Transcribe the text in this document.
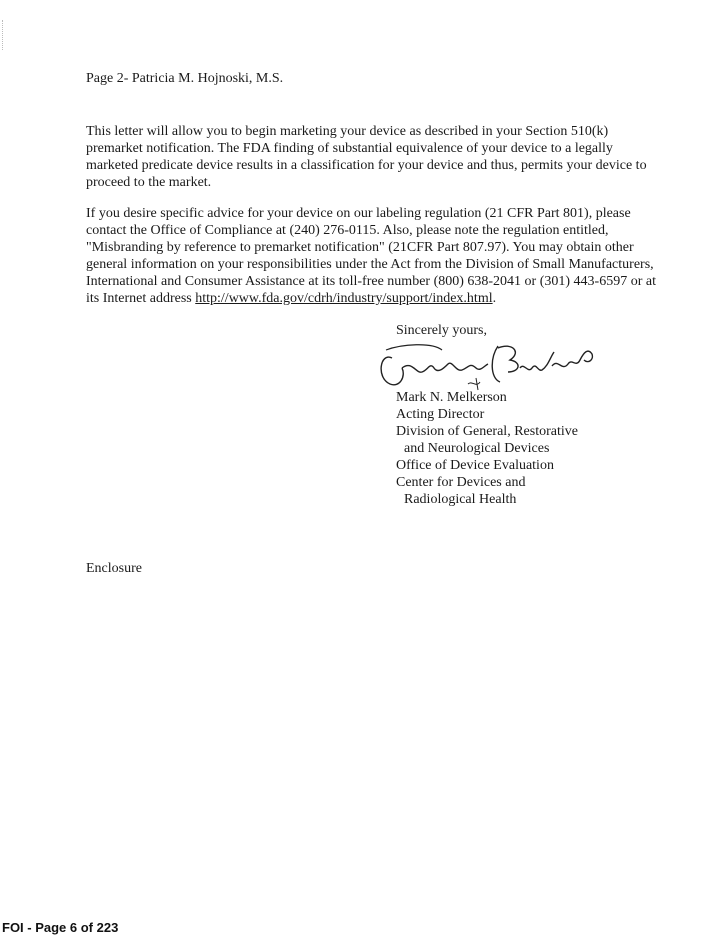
Page 2- Patricia M. Hojnoski, M.S.

This letter will allow you to begin marketing your device as described in your Section 510(k) premarket notification. The FDA finding of substantial equivalence of your device to a legally marketed predicate device results in a classification for your device and thus, permits your device to proceed to the market.

If you desire specific advice for your device on our labeling regulation (21 CFR Part 801), please contact the Office of Compliance at (240) 276-0115. Also, please note the regulation entitled, "Misbranding by reference to premarket notification" (21CFR Part 807.97). You may obtain other general information on your responsibilities under the Act from the Division of Small Manufacturers, International and Consumer Assistance at its toll-free number (800) 638-2041 or (301) 443-6597 or at its Internet address http://www.fda.gov/cdrh/industry/support/index.html.

Sincerely yours,
Mark N. Melkerson
Acting Director
Division of General, Restorative
and Neurological Devices
Office of Device Evaluation
Center for Devices and
Radiological Health
Enclosure
FOI - Page 6 of 223
